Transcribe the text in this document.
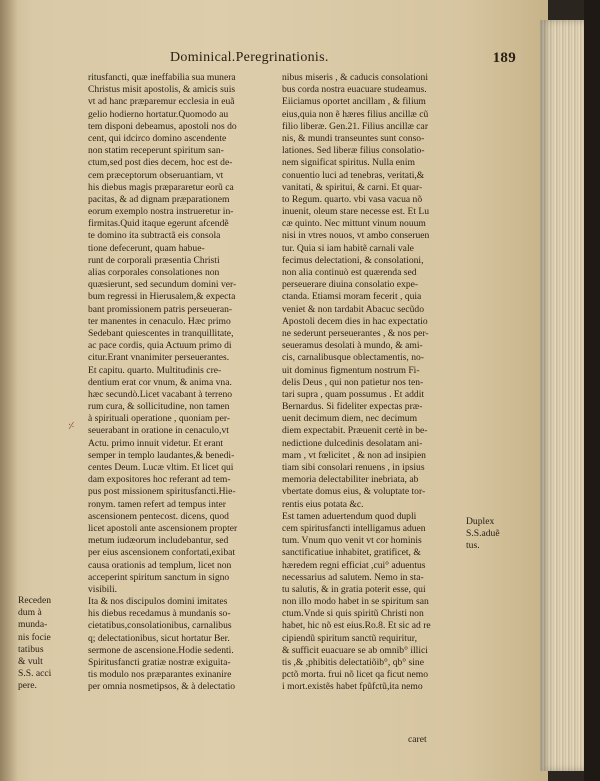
Dominical.Peregrinationis.	189
ritusfancti, quæ ineffabilia sua munera
Christus misit apostolis, & amicis suis
vt ad hanc præparemur ecclesia in euã
gelio hodierno hortatur.Quomodo au
tem disponi debeamus, apostoli nos do
cent, qui idcirco domino ascendente
non statim receperunt spiritum san-
ctum,sed post dies decem, hoc est de-
cem præceptorum obseruantiam, vt
his diebus magis præpararetur eorũ ca
pacitas, & ad dignam præparationem
eorum exemplo nostra instrueretur in-
firmitas.Quid itaque egerunt afcendẽ
te domino ita subtractã eis consola
tione defecerunt, quam habue-
runt de corporali præsentia Christi
alias corporales consolationes non
quæsierunt, sed secundum domini ver-
bum regressi in Hierusalem,& expecta
bant promissionem patris perseueran-
ter manentes in cenaculo. Hæc primo
Sedebant quiescentes in tranquillitate,
ac pace cordis, quia Actuum primo di
citur.Erant vnanimiter perseuerantes.
Et capitu. quarto. Multitudinis cre-
dentium erat cor vnum, & anima vna.
hæc secundò.Licet vacabant à terreno
rum cura, & sollicitudine, non tamen
à spirituali operatione , quoniam per-
seuerabant in oratione in cenaculo,vt
Actu. primo innuit videtur. Et erant
semper in templo laudantes,& benedi-
centes Deum. Lucæ vltim. Et licet qui
dam expositores hoc referant ad tem-
pus post missionem spiritusfancti.Hie-
ronym. tamen refert ad tempus inter
ascensionem pentecost. dicens, quod
licet apostoli ante ascensionem propter
metum iudæorum includebantur, sed
per eius ascensionem confortati,exibat
causa orationis ad templum, licet non
acceperint spiritum sanctum in signo
visibili.
Ita & nos discipulos domini imitates
his diebus recedamus à mundanis so-
cietatibus,consolationibus, carnalibus
q; delectationibus, sicut hortatur Ber.
sermone de ascensione.Hodie sedenti.
Spiritusfancti gratiæ nostræ exiguita-
tis modulo nos præparantes exinanire
per omnia nosmetipsos, & à delectatio
nibus miseris , & caducis consolationi
bus corda nostra euacuare studeamus.
Eiiciamus oportet ancillam , & filium
eius,quia non ẽ hæres filius ancillæ cũ
filio liberæ. Gen.21. Filius ancillæ car
nis, & mundi transeuntes sunt conso-
lationes. Sed liberæ filius consolatio-
nem significat spiritus. Nulla enim
conuentio luci ad tenebras, veritati,&
vanitati, & spiritui, & carni. Et quar-
to Regum. quarto. vbi vasa vacua nõ
inuenit, oleum stare necesse est. Et Lu
cæ quinto. Nec mittunt vinum nouum
nisi in vtres nouos, vt ambo conseruen
tur. Quia si iam habitẽ carnali vale
fecimus delectationi, & consolationi,
non alia continuò est quærenda sed
perseuerare diuina consolatio expe-
ctanda. Etiamsi moram fecerit , quia
veniet & non tardabit Abacuc secũdo
Apostoli decem dies in hac expectatio
ne sederunt perseuerantes , & nos per-
seueramus desolati à mundo, & ami-
cis, carnalibusque oblectamentis, no-
uit dominus figmentum nostrum Fi-
delis Deus , qui non patietur nos ten-
tari supra , quam possumus . Et addit
Bernardus. Si fideliter expectas præ-
uenit decimum diem, nec decimum
diem expectabit. Præuenit certè in be-
nedictione dulcedinis desolatam ani-
mam , vt fœlicitet , & non ad insipien
tiam sibi consolari renuens , in ipsius
memoria delectabiliter inebriata, ab
vbertate domus eius, & voluptate tor-
rentis eius potata &c.
Est tamen aduertendum quod dupli
cem spiritusfancti intelligamus aduen
tum. Vnum quo venit vt cor hominis
sanctificatiue inhabitet, gratificet, &
hæredem regni efficiat ,cui° aduentus
necessarius ad salutem. Nemo in sta-
tu salutis, & in gratia poterit esse, qui
non illo modo habet in se spiritum san
ctum.Vnde si quis spiritũ Christi non
habet, hic nõ est eius.Ro.8. Et sic ad re
cipiendũ spiritum sanctũ requiritur,
& sufficit euacuare se ab omnib° illici
tis ,& ,phibitis delectatiõib°, qb° sine
pctõ morta. frui nõ licet qa ficut nemo
i mort.existẽs habet fpũfctũ,ita nemo
Receden
dum à
munda-
nis focie
tatibus
& vult
S.S. acci
pere.
Duplex
S.S.aduẽ
tus.
⸓
caret
